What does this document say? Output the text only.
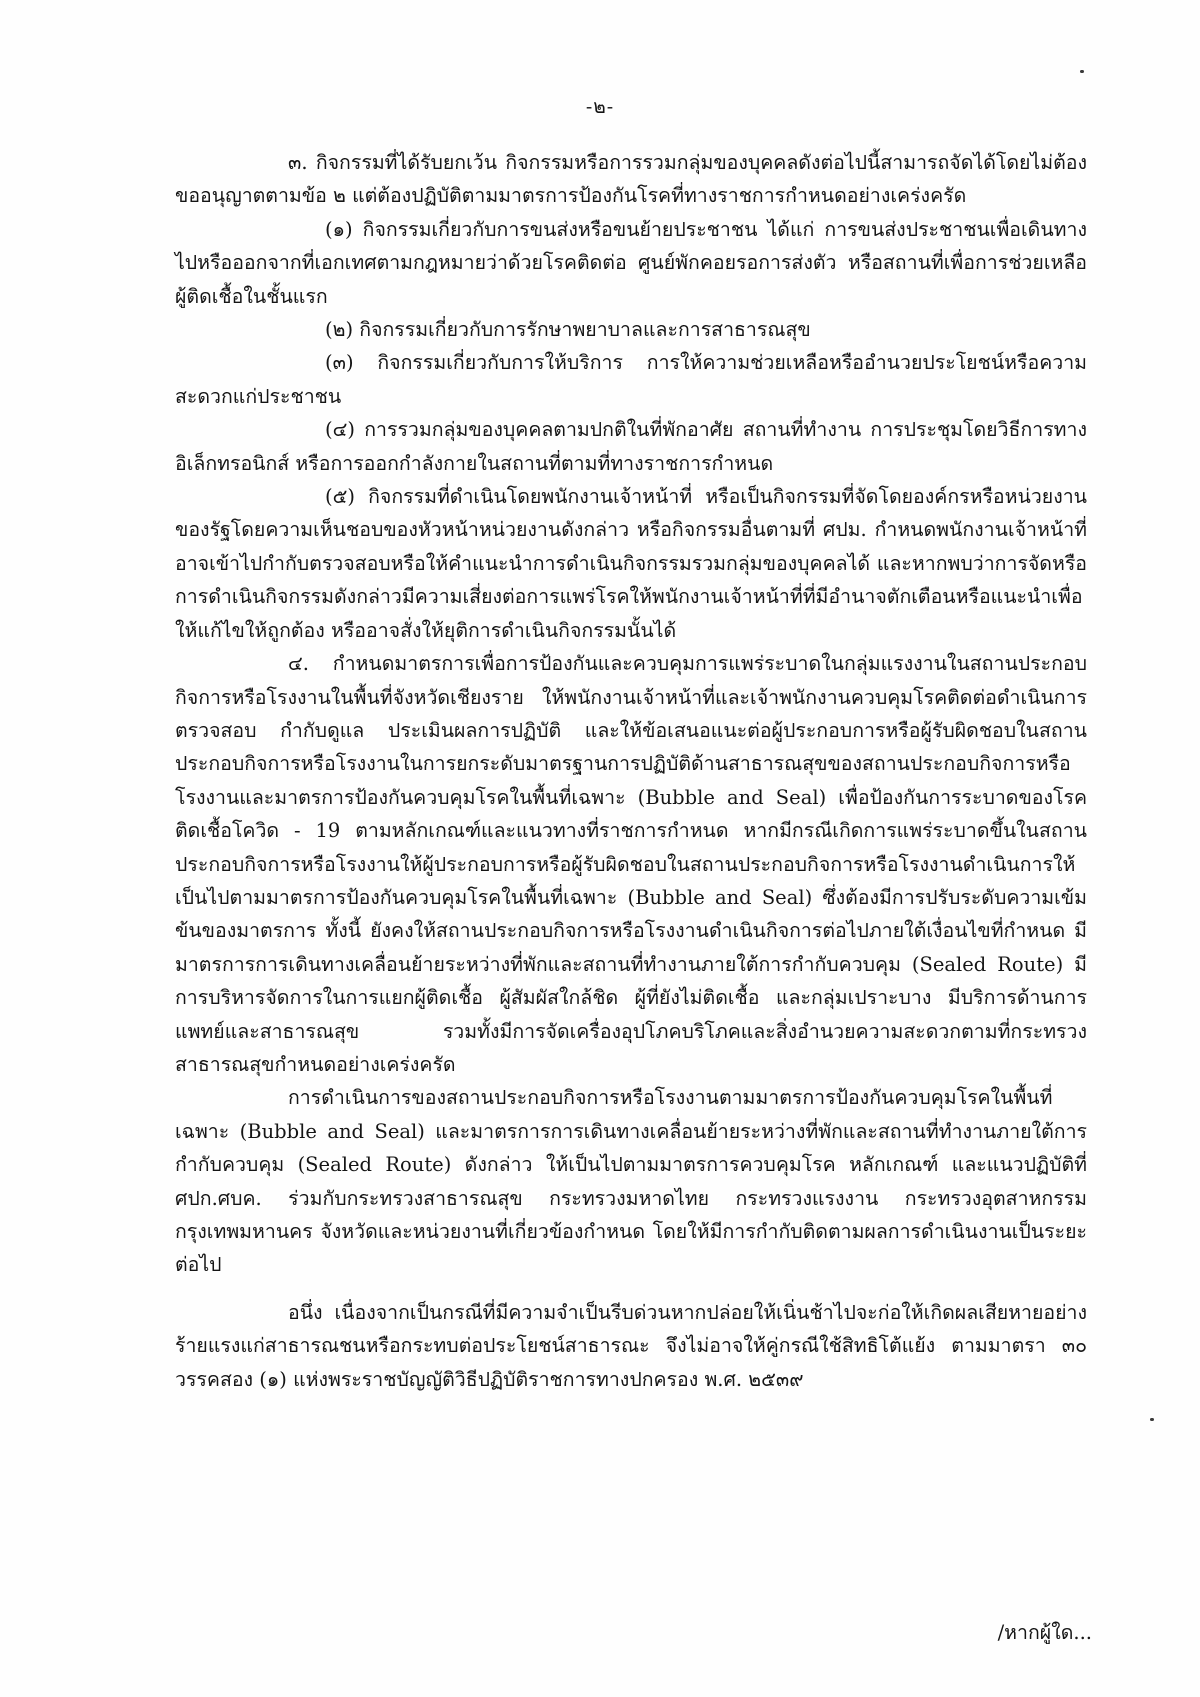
-๒-

๓. กิจกรรมที่ได้รับยกเว้น กิจกรรมหรือการรวมกลุ่มของบุคคลดังต่อไปนี้สามารถจัดได้โดยไม่ต้องขออนุญาตตามข้อ ๒ แต่ต้องปฏิบัติตามมาตรการป้องกันโรคที่ทางราชการกำหนดอย่างเคร่งครัด

(๑) กิจกรรมเกี่ยวกับการขนส่งหรือขนย้ายประชาชน ได้แก่ การขนส่งประชาชนเพื่อเดินทางไปหรือออกจากที่เอกเทศตามกฎหมายว่าด้วยโรคติดต่อ ศูนย์พักคอยรอการส่งตัว หรือสถานที่เพื่อการช่วยเหลือผู้ติดเชื้อในชั้นแรก

(๒) กิจกรรมเกี่ยวกับการรักษาพยาบาลและการสาธารณสุข

(๓) กิจกรรมเกี่ยวกับการให้บริการ การให้ความช่วยเหลือหรืออำนวยประโยชน์หรือความสะดวกแก่ประชาชน

(๔) การรวมกลุ่มของบุคคลตามปกติในที่พักอาศัย สถานที่ทำงาน การประชุมโดยวิธีการทางอิเล็กทรอนิกส์ หรือการออกกำลังกายในสถานที่ตามที่ทางราชการกำหนด

(๕) กิจกรรมที่ดำเนินโดยพนักงานเจ้าหน้าที่ หรือเป็นกิจกรรมที่จัดโดยองค์กรหรือหน่วยงานของรัฐโดยความเห็นชอบของหัวหน้าหน่วยงานดังกล่าว หรือกิจกรรมอื่นตามที่ ศปม. กำหนดพนักงานเจ้าหน้าที่อาจเข้าไปกำกับตรวจสอบหรือให้คำแนะนำการดำเนินกิจกรรมรวมกลุ่มของบุคคลได้ และหากพบว่าการจัดหรือการดำเนินกิจกรรมดังกล่าวมีความเสี่ยงต่อการแพร่โรคให้พนักงานเจ้าหน้าที่ที่มีอำนาจตักเตือนหรือแนะนำเพื่อให้แก้ไขให้ถูกต้อง หรืออาจสั่งให้ยุติการดำเนินกิจกรรมนั้นได้

๔. กำหนดมาตรการเพื่อการป้องกันและควบคุมการแพร่ระบาดในกลุ่มแรงงานในสถานประกอบกิจการหรือโรงงานในพื้นที่จังหวัดเชียงราย ให้พนักงานเจ้าหน้าที่และเจ้าพนักงานควบคุมโรคติดต่อดำเนินการตรวจสอบ กำกับดูแล ประเมินผลการปฏิบัติ และให้ข้อเสนอแนะต่อผู้ประกอบการหรือผู้รับผิดชอบในสถานประกอบกิจการหรือโรงงานในการยกระดับมาตรฐานการปฏิบัติด้านสาธารณสุขของสถานประกอบกิจการหรือโรงงานและมาตรการป้องกันควบคุมโรคในพื้นที่เฉพาะ (Bubble and Seal) เพื่อป้องกันการระบาดของโรคติดเชื้อโควิด - 19 ตามหลักเกณฑ์และแนวทางที่ราชการกำหนด หากมีกรณีเกิดการแพร่ระบาดขึ้นในสถานประกอบกิจการหรือโรงงานให้ผู้ประกอบการหรือผู้รับผิดชอบในสถานประกอบกิจการหรือโรงงานดำเนินการให้เป็นไปตามมาตรการป้องกันควบคุมโรคในพื้นที่เฉพาะ (Bubble and Seal) ซึ่งต้องมีการปรับระดับความเข้มข้นของมาตรการ ทั้งนี้ ยังคงให้สถานประกอบกิจการหรือโรงงานดำเนินกิจการต่อไปภายใต้เงื่อนไขที่กำหนด มีมาตรการการเดินทางเคลื่อนย้ายระหว่างที่พักและสถานที่ทำงานภายใต้การกำกับควบคุม (Sealed Route) มีการบริหารจัดการในการแยกผู้ติดเชื้อ ผู้สัมผัสใกล้ชิด ผู้ที่ยังไม่ติดเชื้อ และกลุ่มเปราะบาง มีบริการด้านการแพทย์และสาธารณสุข รวมทั้งมีการจัดเครื่องอุปโภคบริโภคและสิ่งอำนวยความสะดวกตามที่กระทรวงสาธารณสุขกำหนดอย่างเคร่งครัด

การดำเนินการของสถานประกอบกิจการหรือโรงงานตามมาตรการป้องกันควบคุมโรคในพื้นที่เฉพาะ (Bubble and Seal) และมาตรการการเดินทางเคลื่อนย้ายระหว่างที่พักและสถานที่ทำงานภายใต้การกำกับควบคุม (Sealed Route) ดังกล่าว ให้เป็นไปตามมาตรการควบคุมโรค หลักเกณฑ์ และแนวปฏิบัติที่ ศปก.ศบค. ร่วมกับกระทรวงสาธารณสุข กระทรวงมหาดไทย กระทรวงแรงงาน กระทรวงอุตสาหกรรม กรุงเทพมหานคร จังหวัดและหน่วยงานที่เกี่ยวข้องกำหนด โดยให้มีการกำกับติดตามผลการดำเนินงานเป็นระยะต่อไป

อนึ่ง เนื่องจากเป็นกรณีที่มีความจำเป็นรีบด่วนหากปล่อยให้เนิ่นช้าไปจะก่อให้เกิดผลเสียหายอย่างร้ายแรงแก่สาธารณชนหรือกระทบต่อประโยชน์สาธารณะ จึงไม่อาจให้คู่กรณีใช้สิทธิโต้แย้ง ตามมาตรา ๓๐ วรรคสอง (๑) แห่งพระราชบัญญัติวิธีปฏิบัติราชการทางปกครอง พ.ศ. ๒๕๓๙

/หากผู้ใด...
